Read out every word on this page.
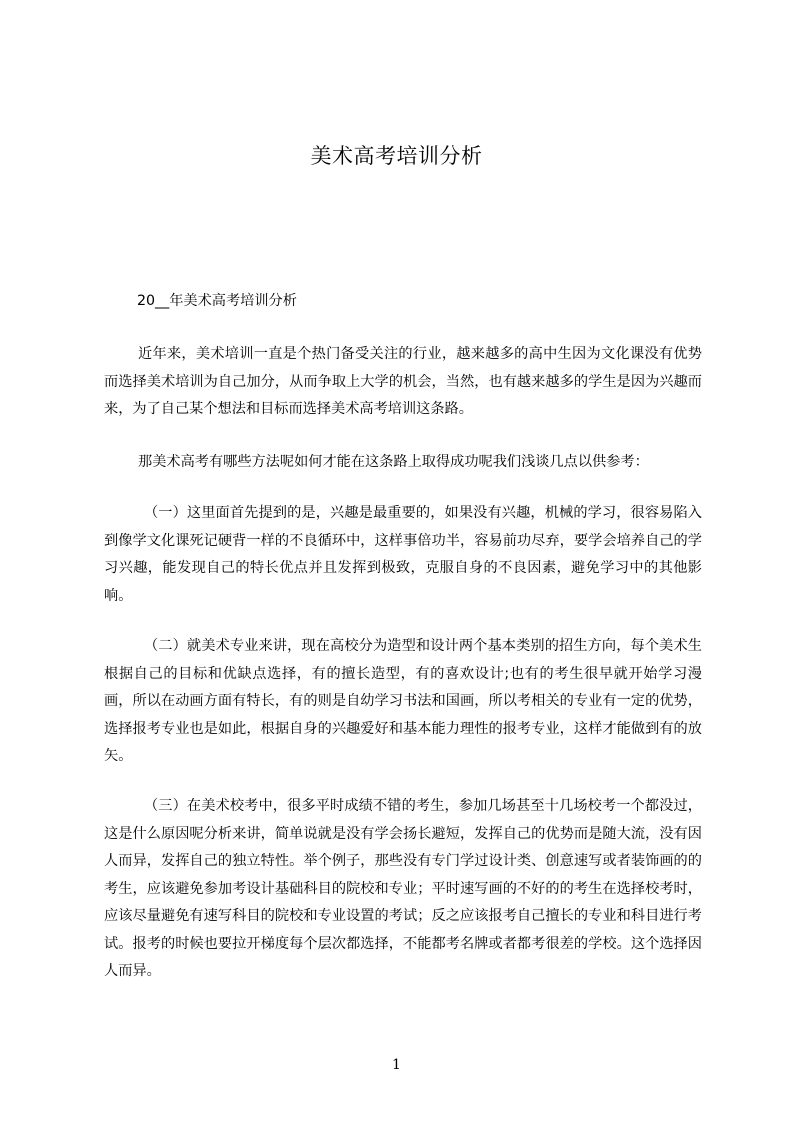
美术高考培训分析
20__年美术高考培训分析

近年来，美术培训一直是个热门备受关注的行业，越来越多的高中生因为文化课没有优势而选择美术培训为自己加分，从而争取上大学的机会，当然，也有越来越多的学生是因为兴趣而来，为了自己某个想法和目标而选择美术高考培训这条路。

那美术高考有哪些方法呢如何才能在这条路上取得成功呢我们浅谈几点以供参考：

（一）这里面首先提到的是，兴趣是最重要的，如果没有兴趣，机械的学习，很容易陷入到像学文化课死记硬背一样的不良循环中，这样事倍功半，容易前功尽弃，要学会培养自己的学习兴趣，能发现自己的特长优点并且发挥到极致，克服自身的不良因素，避免学习中的其他影响。

（二）就美术专业来讲，现在高校分为造型和设计两个基本类别的招生方向，每个美术生根据自己的目标和优缺点选择，有的擅长造型，有的喜欢设计;也有的考生很早就开始学习漫画，所以在动画方面有特长，有的则是自幼学习书法和国画，所以考相关的专业有一定的优势，选择报考专业也是如此，根据自身的兴趣爱好和基本能力理性的报考专业，这样才能做到有的放矢。

（三）在美术校考中，很多平时成绩不错的考生，参加几场甚至十几场校考一个都没过，这是什么原因呢分析来讲，简单说就是没有学会扬长避短，发挥自己的优势而是随大流，没有因人而异，发挥自己的独立特性。举个例子，那些没有专门学过设计类、创意速写或者装饰画的的考生，应该避免参加考设计基础科目的院校和专业；平时速写画的不好的的考生在选择校考时，应该尽量避免有速写科目的院校和专业设置的考试；反之应该报考自己擅长的专业和科目进行考试。报考的时候也要拉开梯度每个层次都选择，不能都考名牌或者都考很差的学校。这个选择因人而异。

1
